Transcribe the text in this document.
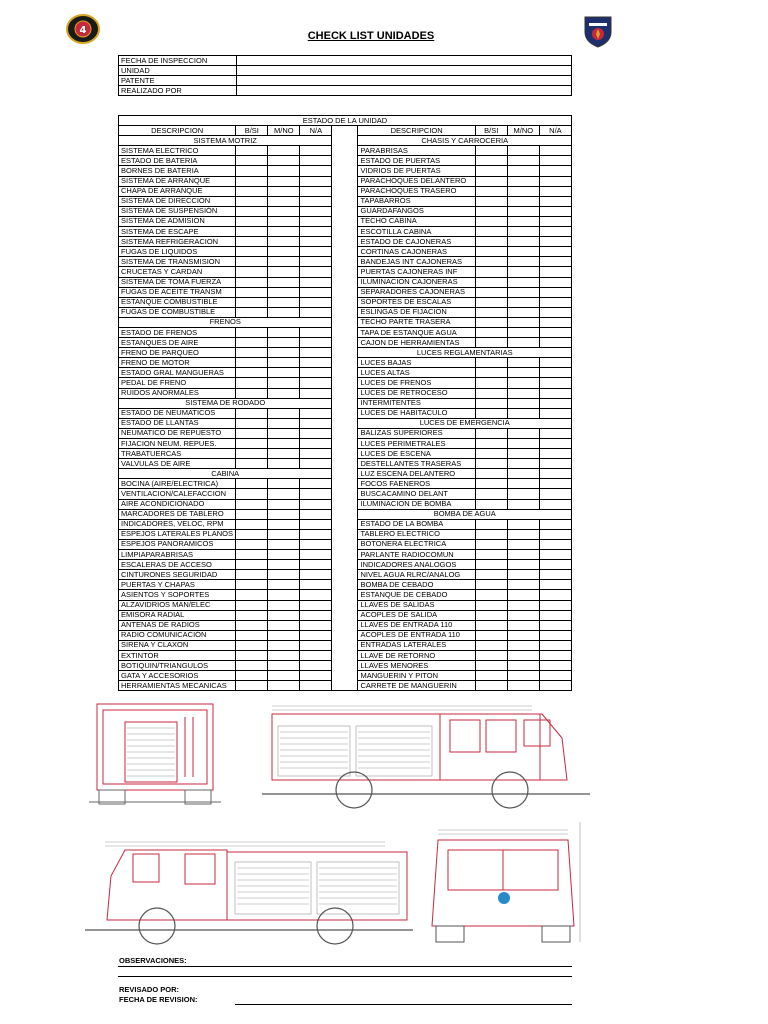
4	CHECK LIST UNIDADES
FECHA DE INSPECCION	
UNIDAD	
PATENTE	
REALIZADO POR	
ESTADO DE LA UNIDAD								
DESCRIPCION	B/SI	M/NO	N/A		DESCRIPCION	B/SI	M/NO	N/A
SISTEMA MOTRIZ					CHASIS Y CARROCERIA			
SISTEMA ELECTRICO					PARABRISAS			
ESTADO DE BATERIA					ESTADO DE PUERTAS			
BORNES DE BATERIA					VIDRIOS DE PUERTAS			
SISTEMA DE ARRANQUE					PARACHOQUES DELANTERO			
CHAPA DE ARRANQUE					PARACHOQUES TRASERO			
SISTEMA DE DIRECCION					TAPABARROS			
SISTEMA DE SUSPENSIÓN					GUARDAFANGOS			
SISTEMA DE ADMISION					TECHO CABINA			
SISTEMA DE ESCAPE					ESCOTILLA CABINA			
SISTEMA REFRIGERACION					ESTADO DE CAJONERAS			
FUGAS DE LIQUIDOS					CORTINAS CAJONERAS			
SISTEMA DE TRANSMISION					BANDEJAS INT CAJONERAS			
CRUCETAS Y CARDAN					PUERTAS CAJONERAS INF			
SISTEMA DE TOMA FUERZA					ILUMINACION CAJONERAS			
FUGAS DE ACEITE TRANSM					SEPARADORES CAJONERAS			
ESTANQUE COMBUSTIBLE					SOPORTES DE ESCALAS			
FUGAS DE COMBUSTIBLE					ESLINGAS DE FIJACION			
FRENOS					TECHO PARTE TRASERA			
ESTADO DE FRENOS					TAPA DE ESTANQUE AGUA			
ESTANQUES DE AIRE					CAJON DE HERRAMIENTAS			
FRENO DE PARQUEO					LUCES REGLAMENTARIAS			
FRENO DE MOTOR					LUCES BAJAS			
ESTADO GRAL MANGUERAS					LUCES ALTAS			
PEDAL DE FRENO					LUCES DE FRENOS			
RUIDOS ANORMALES					LUCES DE RETROCESO			
SISTEMA DE RODADO					INTERMITENTES			
ESTADO DE NEUMATICOS					LUCES DE HABITACULO			
ESTADO DE LLANTAS					LUCES DE EMERGENCIA			
NEUMATICO DE REPUESTO					BALIZAS SUPERIORES			
FIJACION NEUM. REPUES.					LUCES PERIMETRALES			
TRABATUERCAS					LUCES DE ESCENA			
VALVULAS DE AIRE					DESTELLANTES TRASERAS			
CABINA					LUZ ESCENA DELANTERO			
BOCINA (AIRE/ELECTRICA)					FOCOS FAENEROS			
VENTILACION/CALEFACCION					BUSCACAMINO DELANT			
AIRE ACONDICIONADO					ILUMINACION DE BOMBA			
MARCADORES DE TABLERO					BOMBA DE AGUA			
INDICADORES, VELOC, RPM					ESTADO DE LA BOMBA			
ESPEJOS LATERALES PLANOS					TABLERO ELECTRICO			
ESPEJOS PANORAMICOS					BOTONERA ELECTRICA			
LIMPIAPARABRISAS					PARLANTE RADIOCOMUN			
ESCALERAS DE ACCESO					INDICADORES ANALOGOS			
CINTURONES SEGURIDAD					NIVEL AGUA RLRC/ANALOG			
PUERTAS Y CHAPAS					BOMBA DE CEBADO			
ASIENTOS Y SOPORTES					ESTANQUE DE CEBADO			
ALZAVIDRIOS MAN/ELEC					LLAVES DE SALIDAS			
EMISORA RADIAL					ACOPLES DE SALIDA			
ANTENAS DE RADIOS					LLAVES DE ENTRADA 110			
RADIO COMUNICACIÓN					ACOPLES DE ENTRADA 110			
SIRENA Y CLAXON					ENTRADAS LATERALES			
EXTINTOR					LLAVE DE RETORNO			
BOTIQUIN/TRIANGULOS					LLAVES MENORES			
GATA Y ACCESORIOS					MANGUERIN Y PITON			
HERRAMIENTAS MECANICAS					CARRETE DE MANGUERIN			
OBSERVACIONES:
REVISADO POR:
FECHA DE REVISION:
